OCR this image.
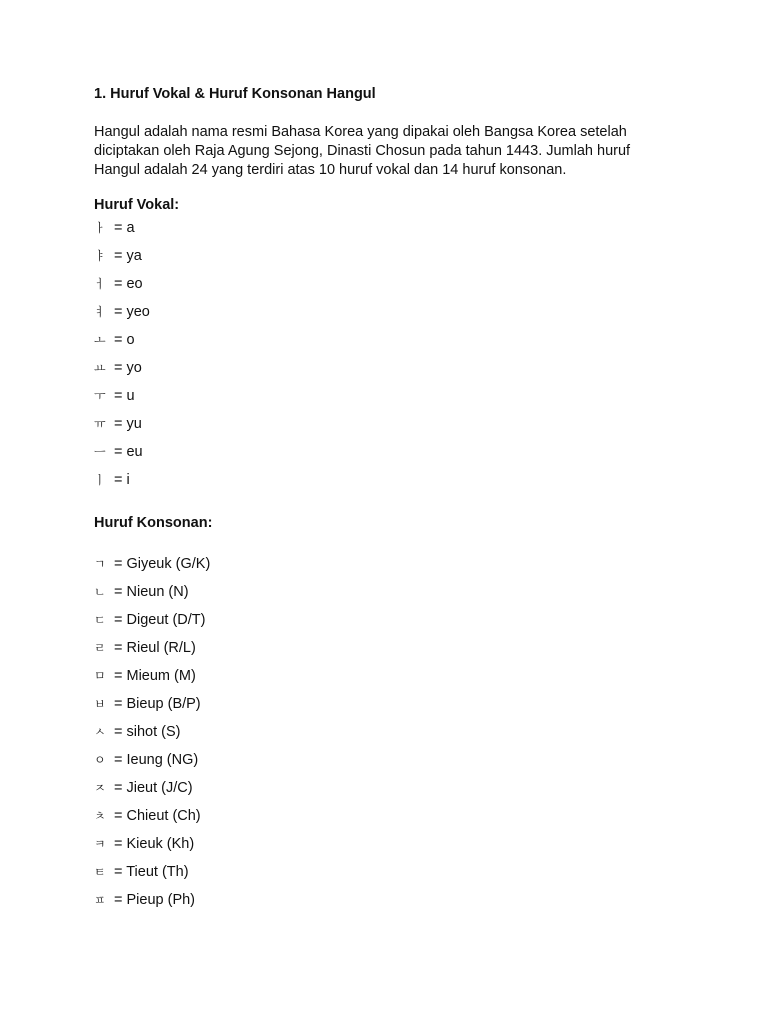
1. Huruf Vokal & Huruf Konsonan Hangul
Hangul adalah nama resmi Bahasa Korea yang dipakai oleh Bangsa Korea setelah
diciptakan oleh Raja Agung Sejong, Dinasti Chosun pada tahun 1443. Jumlah huruf
Hangul adalah 24 yang terdiri atas 10 huruf vokal dan 14 huruf konsonan.
Huruf Vokal:
ㅏ = a
ㅑ = ya
ㅓ = eo
ㅕ = yeo
ㅗ = o
ㅛ = yo
ㅜ = u
ㅠ = yu
ㅡ = eu
ㅣ = i
Huruf Konsonan:
ㄱ = Giyeuk (G/K)
ㄴ = Nieun (N)
ㄷ = Digeut (D/T)
ㄹ = Rieul (R/L)
ㅁ = Mieum (M)
ㅂ = Bieup (B/P)
ㅅ = sihot (S)
ㅇ = Ieung (NG)
ㅈ = Jieut (J/C)
ㅊ = Chieut (Ch)
ㅋ = Kieuk (Kh)
ㅌ = Tieut (Th)
ㅍ = Pieup (Ph)
